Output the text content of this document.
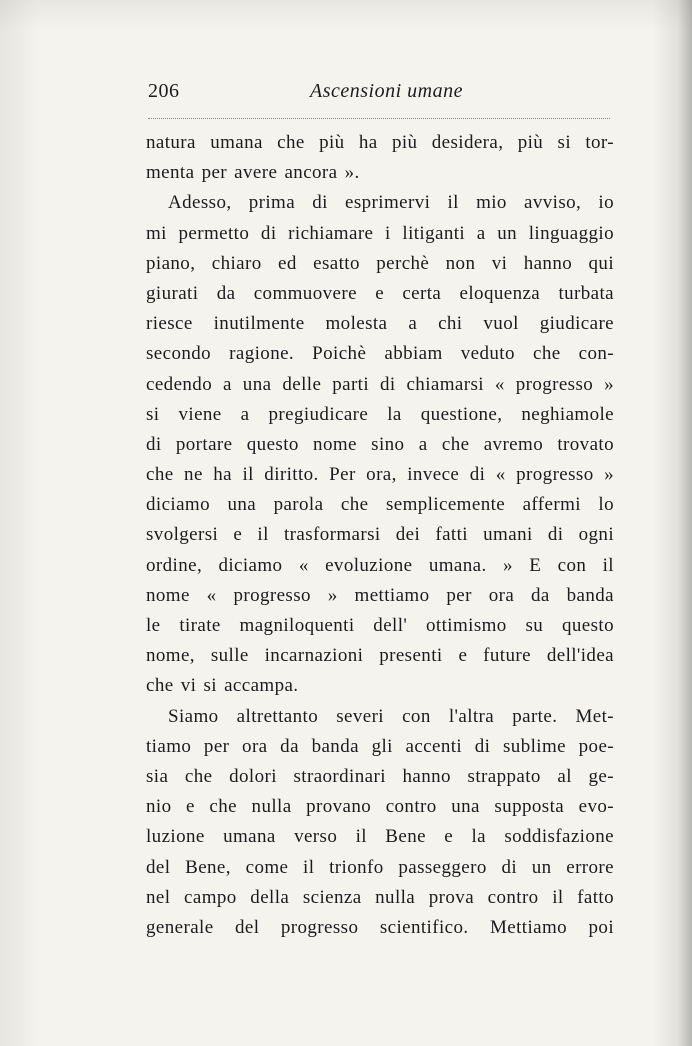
206	Ascensioni umane
natura umana che più ha più desidera, più si tor-
menta per avere ancora ».
Adesso, prima di esprimervi il mio avviso, io
mi permetto di richiamare i litiganti a un linguaggio
piano, chiaro ed esatto perchè non vi hanno qui
giurati da commuovere e certa eloquenza turbata
riesce inutilmente molesta a chi vuol giudicare
secondo ragione. Poichè abbiam veduto che con-
cedendo a una delle parti di chiamarsi « progresso »
si viene a pregiudicare la questione, neghiamole
di portare questo nome sino a che avremo trovato
che ne ha il diritto. Per ora, invece di « progresso »
diciamo una parola che semplicemente affermi lo
svolgersi e il trasformarsi dei fatti umani di ogni
ordine, diciamo « evoluzione umana. » E con il
nome « progresso » mettiamo per ora da banda
le tirate magniloquenti dell' ottimismo su questo
nome, sulle incarnazioni presenti e future dell'idea
che vi si accampa.
Siamo altrettanto severi con l'altra parte. Met-
tiamo per ora da banda gli accenti di sublime poe-
sia che dolori straordinari hanno strappato al ge-
nio e che nulla provano contro una supposta evo-
luzione umana verso il Bene e la soddisfazione
del Bene, come il trionfo passeggero di un errore
nel campo della scienza nulla prova contro il fatto
generale del progresso scientifico. Mettiamo poi
